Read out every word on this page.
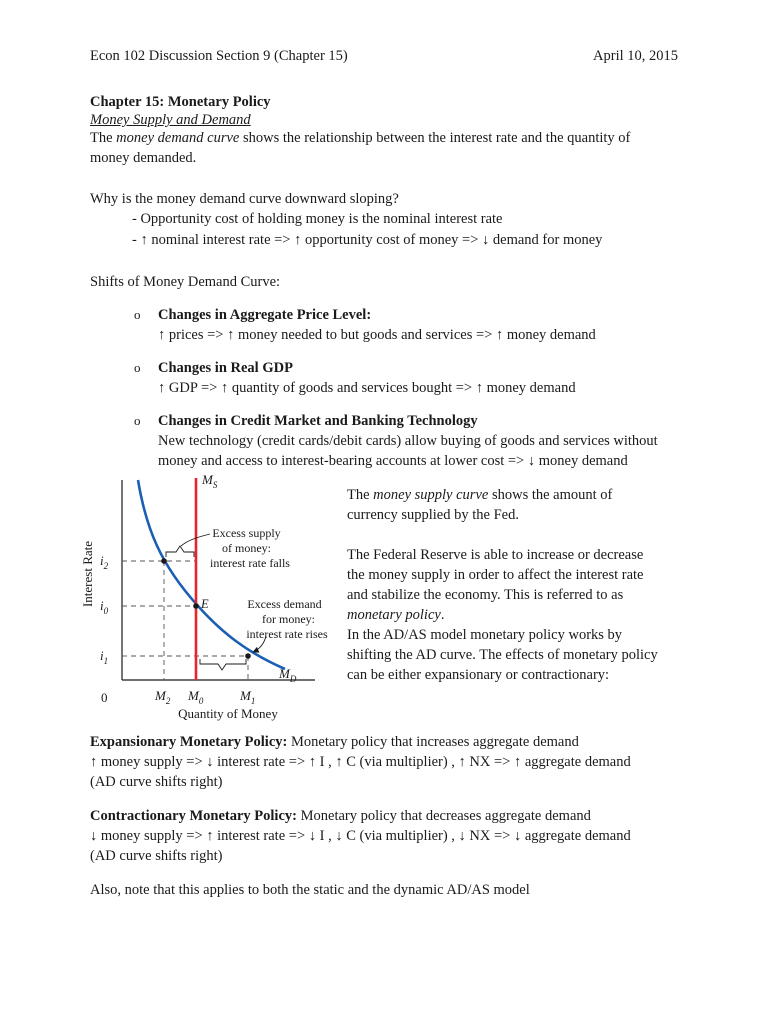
Econ 102 Discussion Section 9 (Chapter 15)	April 10, 2015
Chapter 15: Monetary Policy
Money Supply and Demand
The money demand curve shows the relationship between the interest rate and the quantity of
money demanded.
Why is the money demand curve downward sloping?
- Opportunity cost of holding money is the nominal interest rate
- ↑ nominal interest rate => ↑ opportunity cost of money => ↓ demand for money
Shifts of Money Demand Curve:
o Changes in Aggregate Price Level:
↑ prices => ↑ money needed to but goods and services => ↑ money demand
o Changes in Real GDP
↑ GDP => ↑ quantity of goods and services bought => ↑ money demand
o Changes in Credit Market and Banking Technology
New technology (credit cards/debit cards) allow buying of goods and services without
money and access to interest-bearing accounts at lower cost => ↓ money demand
The money supply curve shows the amount of
currency supplied by the Fed.
The Federal Reserve is able to increase or decrease
the money supply in order to affect the interest rate
and stabilize the economy. This is referred to as
monetary policy.
In the AD/AS model monetary policy works by
shifting the AD curve. The effects of monetary policy
can be either expansionary or contractionary:
Expansionary Monetary Policy: Monetary policy that increases aggregate demand
↑ money supply => ↓ interest rate => ↑ I , ↑ C (via multiplier) , ↑ NX => ↑ aggregate demand
(AD curve shifts right)
Contractionary Monetary Policy: Monetary policy that decreases aggregate demand
↓ money supply => ↑ interest rate => ↓ I , ↓ C (via multiplier) , ↓ NX => ↓ aggregate demand
(AD curve shifts right)
Also, note that this applies to both the static and the dynamic AD/AS model
$M_S$
$M_D$
E
Excess supply of money: interest rate falls
Excess demand for money: interest rate rises
$i_2$
$i_0$
$i_1$
0	$M_2$ $M_0$	$M_1$
Quantity of Money
Interest Rate
